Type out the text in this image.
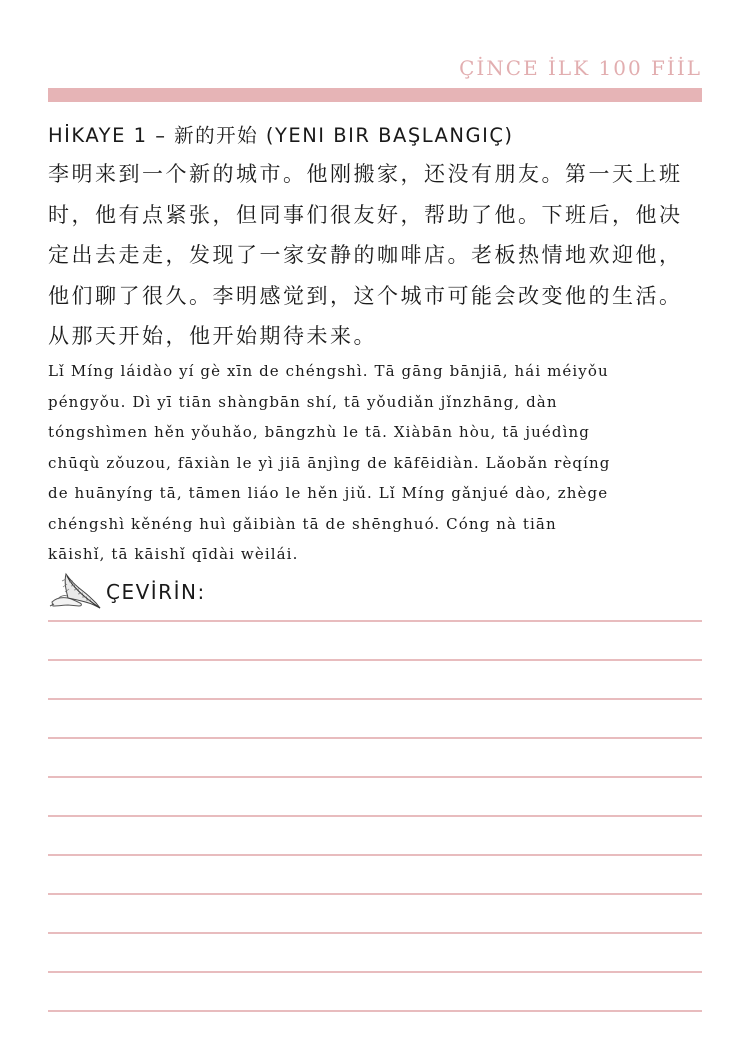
ÇİNCE İLK 100 FİİL
HİKAYE 1 – 新的开始 (YENI BIR BAŞLANGIÇ)
李明来到一个新的城市。他刚搬家，还没有朋友。第一天上班
时，他有点紧张，但同事们很友好，帮助了他。下班后，他决
定出去走走，发现了一家安静的咖啡店。老板热情地欢迎他，
他们聊了很久。李明感觉到，这个城市可能会改变他的生活。
从那天开始，他开始期待未来。
Lǐ Míng láidào yí gè xīn de chéngshì. Tā gāng bānjiā, hái méiyǒu
péngyǒu. Dì yī tiān shàngbān shí, tā yǒudiǎn jǐnzhāng, dàn
tóngshìmen hěn yǒuhǎo, bāngzhù le tā. Xiàbān hòu, tā juédìng
chūqù zǒuzou, fāxiàn le yì jiā ānjìng de kāfēidiàn. Lǎobǎn rèqíng
de huānyíng tā, tāmen liáo le hěn jiǔ. Lǐ Míng gǎnjué dào, zhège
chéngshì kěnéng huì gǎibiàn tā de shēnghuó. Cóng nà tiān
kāishǐ, tā kāishǐ qīdài wèilái.
ÇEVİRİN:
